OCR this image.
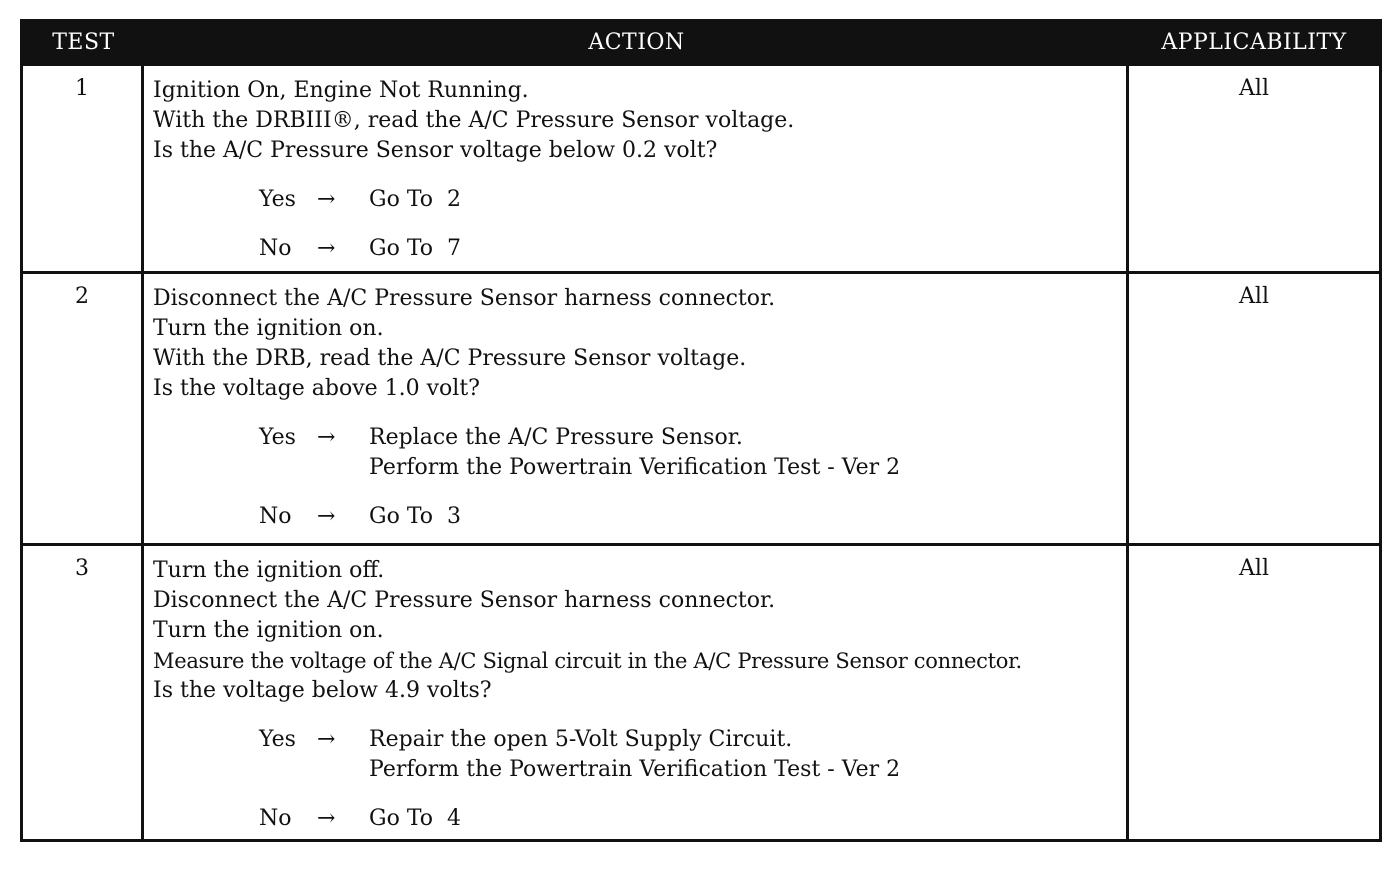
TEST	ACTION	APPLICABILITY
1	Ignition On, Engine Not Running.
With the DRBIII®, read the A/C Pressure Sensor voltage.
Is the A/C Pressure Sensor voltage below 0.2 volt?
Yes →	Go To  2
No	→	Go To  7
All
2	Disconnect the A/C Pressure Sensor harness connector.
Turn the ignition on.
With the DRB, read the A/C Pressure Sensor voltage.
Is the voltage above 1.0 volt?
Yes →	Replace the A/C Pressure Sensor.
Perform the Powertrain Verification Test - Ver 2
No	→	Go To  3
All
3	Turn the ignition off.
Disconnect the A/C Pressure Sensor harness connector.
Turn the ignition on.
Measure the voltage of the A/C Signal circuit in the A/C Pressure Sensor connector.
Is the voltage below 4.9 volts?
Yes →	Repair the open 5-Volt Supply Circuit.
Perform the Powertrain Verification Test - Ver 2
No	→	Go To  4
All
